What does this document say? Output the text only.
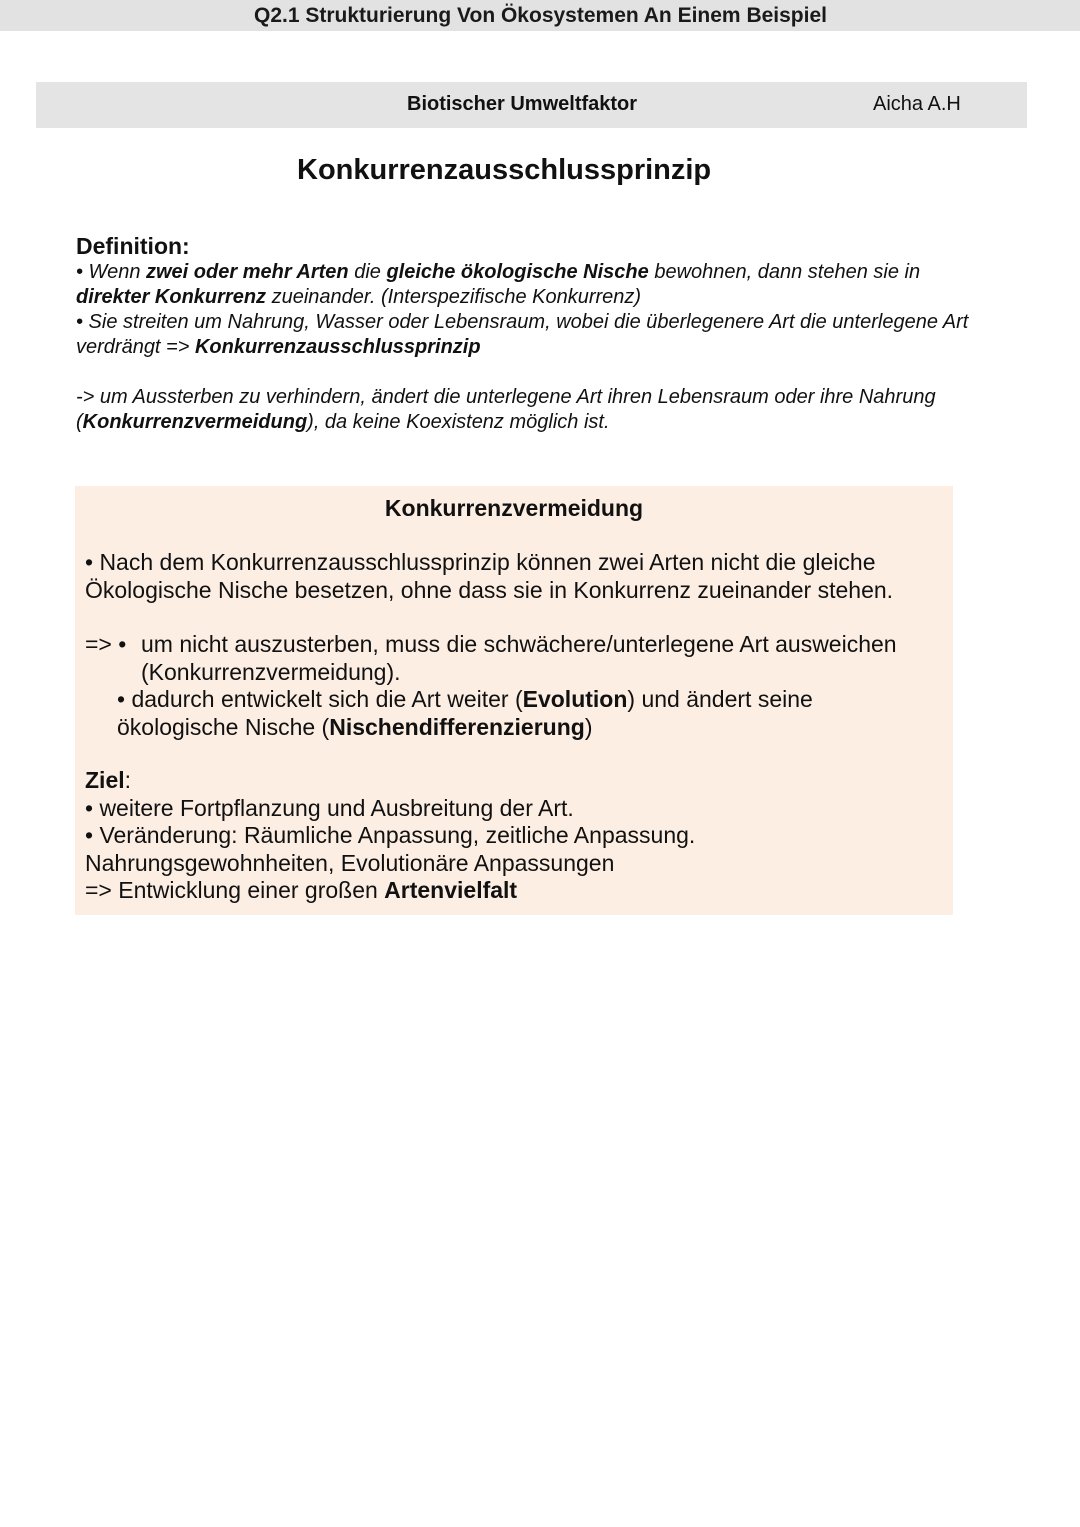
Q2.1 Strukturierung Von Ökosystemen An Einem Beispiel
Biotischer Umweltfaktor	Aicha A.H
Konkurrenzausschlussprinzip
Definition:
• Wenn zwei oder mehr Arten die gleiche ökologische Nische bewohnen, dann stehen sie in direkter Konkurrenz zueinander. (Interspezifische Konkurrenz)
• Sie streiten um Nahrung, Wasser oder Lebensraum, wobei die überlegenere Art die unterlegene Art verdrängt => Konkurrenzausschlussprinzip
-> um Aussterben zu verhindern, ändert die unterlegene Art ihren Lebensraum oder ihre Nahrung (Konkurrenzvermeidung), da keine Koexistenz möglich ist.
Konkurrenzvermeidung
• Nach dem Konkurrenzausschlussprinzip können zwei Arten nicht die gleiche Ökologische Nische besetzen, ohne dass sie in Konkurrenz zueinander stehen.
=> • um nicht auszusterben, muss die schwächere/unterlegene Art ausweichen (Konkurrenzvermeidung).
• dadurch entwickelt sich die Art weiter (Evolution) und ändert seine ökologische Nische (Nischendifferenzierung)
Ziel:
• weitere Fortpflanzung und Ausbreitung der Art.
• Veränderung: Räumliche Anpassung, zeitliche Anpassung.
Nahrungsgewohnheiten, Evolutionäre Anpassungen
=> Entwicklung einer großen Artenvielfalt
